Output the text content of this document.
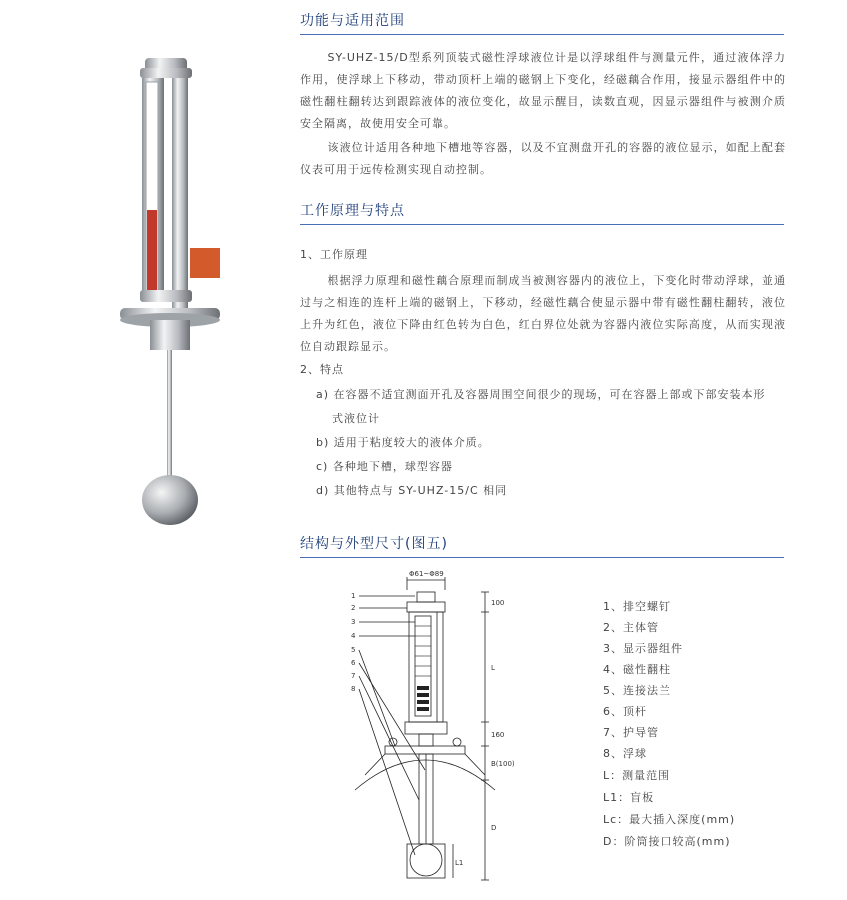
功能与适用范围
SY-UHZ-15/D型系列顶装式磁性浮球液位计是以浮球组件与测量元件，通过液体浮力作用，使浮球上下移动，带动顶杆上端的磁钢上下变化，经磁藕合作用，接显示器组件中的磁性翻柱翻转达到跟踪液体的液位变化，故显示醒目，读数直观，因显示器组件与被测介质安全隔离，故使用安全可靠。
该液位计适用各种地下槽地等容器，以及不宜测盘开孔的容器的液位显示，如配上配套仪表可用于远传检测实现自动控制。
工作原理与特点
1、工作原理
根据浮力原理和磁性藕合原理而制成当被测容器内的液位上，下变化时带动浮球，並通过与之相连的连杆上端的磁钢上，下移动，经磁性藕合使显示器中带有磁性翻柱翻转，液位上升为红色，液位下降由红色转为白色，红白界位处就为容器内液位实际高度，从而实现液位自动跟踪显示。
2、特点
a) 在容器不适宜测面开孔及容器周围空间很少的现场，可在容器上部或下部安装本形
式液位计
b) 适用于粘度较大的液体介质。
c) 各种地下槽，球型容器
d) 其他特点与 SY-UHZ-15/C 相同
结构与外型尺寸(图五)
Φ61~Φ89
100
L
160
B(100)
D
L1
1
2
3
4
5
6
7
8
1、排空螺钉
2、主体管
3、显示器组件
4、磁性翻柱
5、连接法兰
6、顶杆
7、护导管
8、浮球
L：测量范围
L1：盲板
Lc：最大插入深度(mm)
D：阶筒接口较高(mm)
